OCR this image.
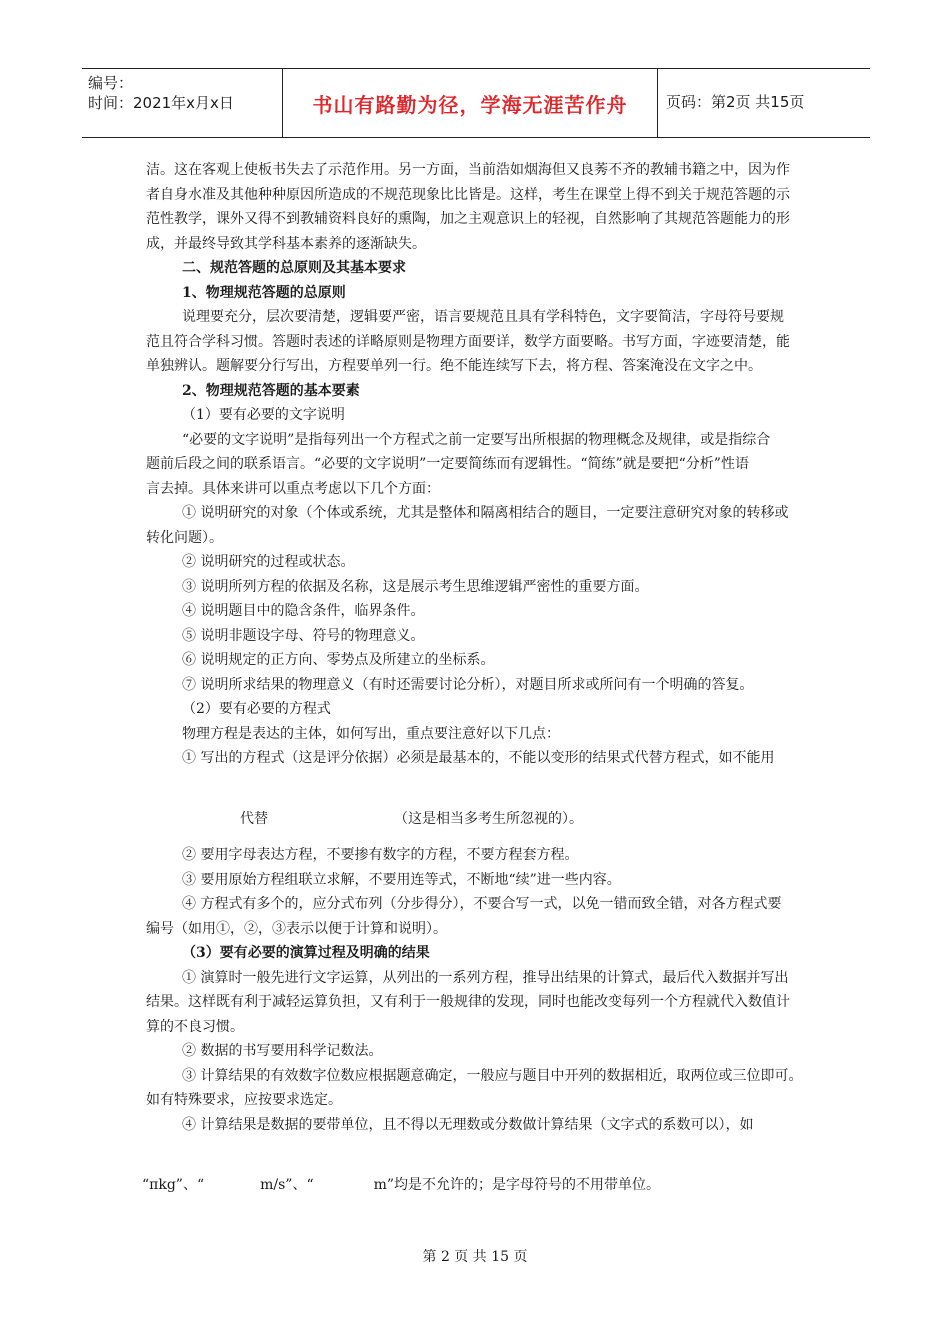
编号：
时间：2021年x月x日	书山有路勤为径，学海无涯苦作舟	页码：第2页 共15页
洁。这在客观上使板书失去了示范作用。另一方面，当前浩如烟海但又良莠不齐的教辅书籍之中，因为作
者自身水准及其他种种原因所造成的不规范现象比比皆是。这样，考生在课堂上得不到关于规范答题的示
范性教学，课外又得不到教辅资料良好的熏陶，加之主观意识上的轻视，自然影响了其规范答题能力的形
成，并最终导致其学科基本素养的逐渐缺失。
二、规范答题的总原则及其基本要求
1、物理规范答题的总原则
说理要充分，层次要清楚，逻辑要严密，语言要规范且具有学科特色，文字要简洁，字母符号要规
范且符合学科习惯。答题时表述的详略原则是物理方面要详，数学方面要略。书写方面，字迹要清楚，能
单独辨认。题解要分行写出，方程要单列一行。绝不能连续写下去，将方程、答案淹没在文字之中。
2、物理规范答题的基本要素
（1）要有必要的文字说明
“必要的文字说明”是指每列出一个方程式之前一定要写出所根据的物理概念及规律，或是指综合
题前后段之间的联系语言。“必要的文字说明”一定要简练而有逻辑性。“简练”就是要把“分析”性语
言去掉。具体来讲可以重点考虑以下几个方面：
① 说明研究的对象（个体或系统，尤其是整体和隔离相结合的题目，一定要注意研究对象的转移或
转化问题）。
② 说明研究的过程或状态。
③ 说明所列方程的依据及名称，这是展示考生思维逻辑严密性的重要方面。
④ 说明题目中的隐含条件，临界条件。
⑤ 说明非题设字母、符号的物理意义。
⑥ 说明规定的正方向、零势点及所建立的坐标系。
⑦ 说明所求结果的物理意义（有时还需要讨论分析），对题目所求或所问有一个明确的答复。
（2）要有必要的方程式
物理方程是表达的主体，如何写出，重点要注意好以下几点：
① 写出的方程式（这是评分依据）必须是最基本的，不能以变形的结果式代替方程式，如不能用
代替	（这是相当多考生所忽视的）。
② 要用字母表达方程，不要掺有数字的方程，不要方程套方程。
③ 要用原始方程组联立求解，不要用连等式，不断地“续”进一些内容。
④ 方程式有多个的，应分式布列（分步得分），不要合写一式，以免一错而致全错，对各方程式要
编号（如用①，②，③表示以便于计算和说明）。
（3）要有必要的演算过程及明确的结果
① 演算时一般先进行文字运算，从列出的一系列方程，推导出结果的计算式，最后代入数据并写出
结果。这样既有利于减轻运算负担，又有利于一般规律的发现，同时也能改变每列一个方程就代入数值计
算的不良习惯。
② 数据的书写要用科学记数法。
③ 计算结果的有效数字位数应根据题意确定，一般应与题目中开列的数据相近，取两位或三位即可。
如有特殊要求，应按要求选定。
④ 计算结果是数据的要带单位，且不得以无理数或分数做计算结果（文字式的系数可以），如
“πkg”、“	m/s”、“	m”均是不允许的；是字母符号的不用带单位。
第 2 页 共 15 页
